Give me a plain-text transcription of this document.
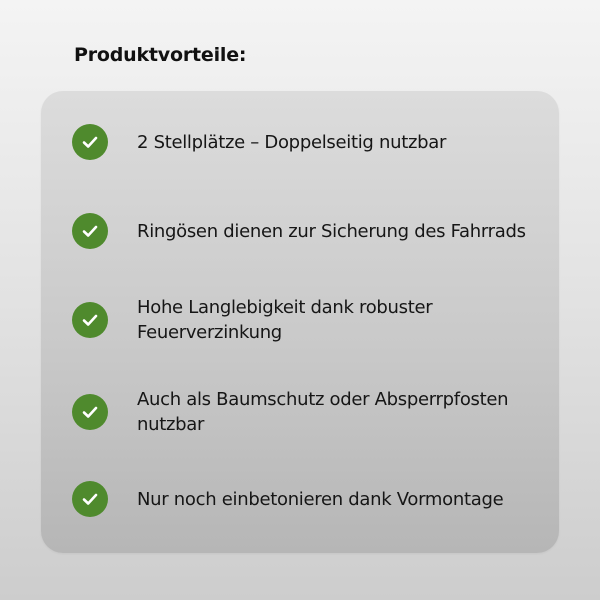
Produktvorteile:
2 Stellplätze – Doppelseitig nutzbar
Ringösen dienen zur Sicherung des Fahrrads
Hohe Langlebigkeit dank robuster Feuerverzinkung
Auch als Baumschutz oder Absperrpfosten nutzbar
Nur noch einbetonieren dank Vormontage
